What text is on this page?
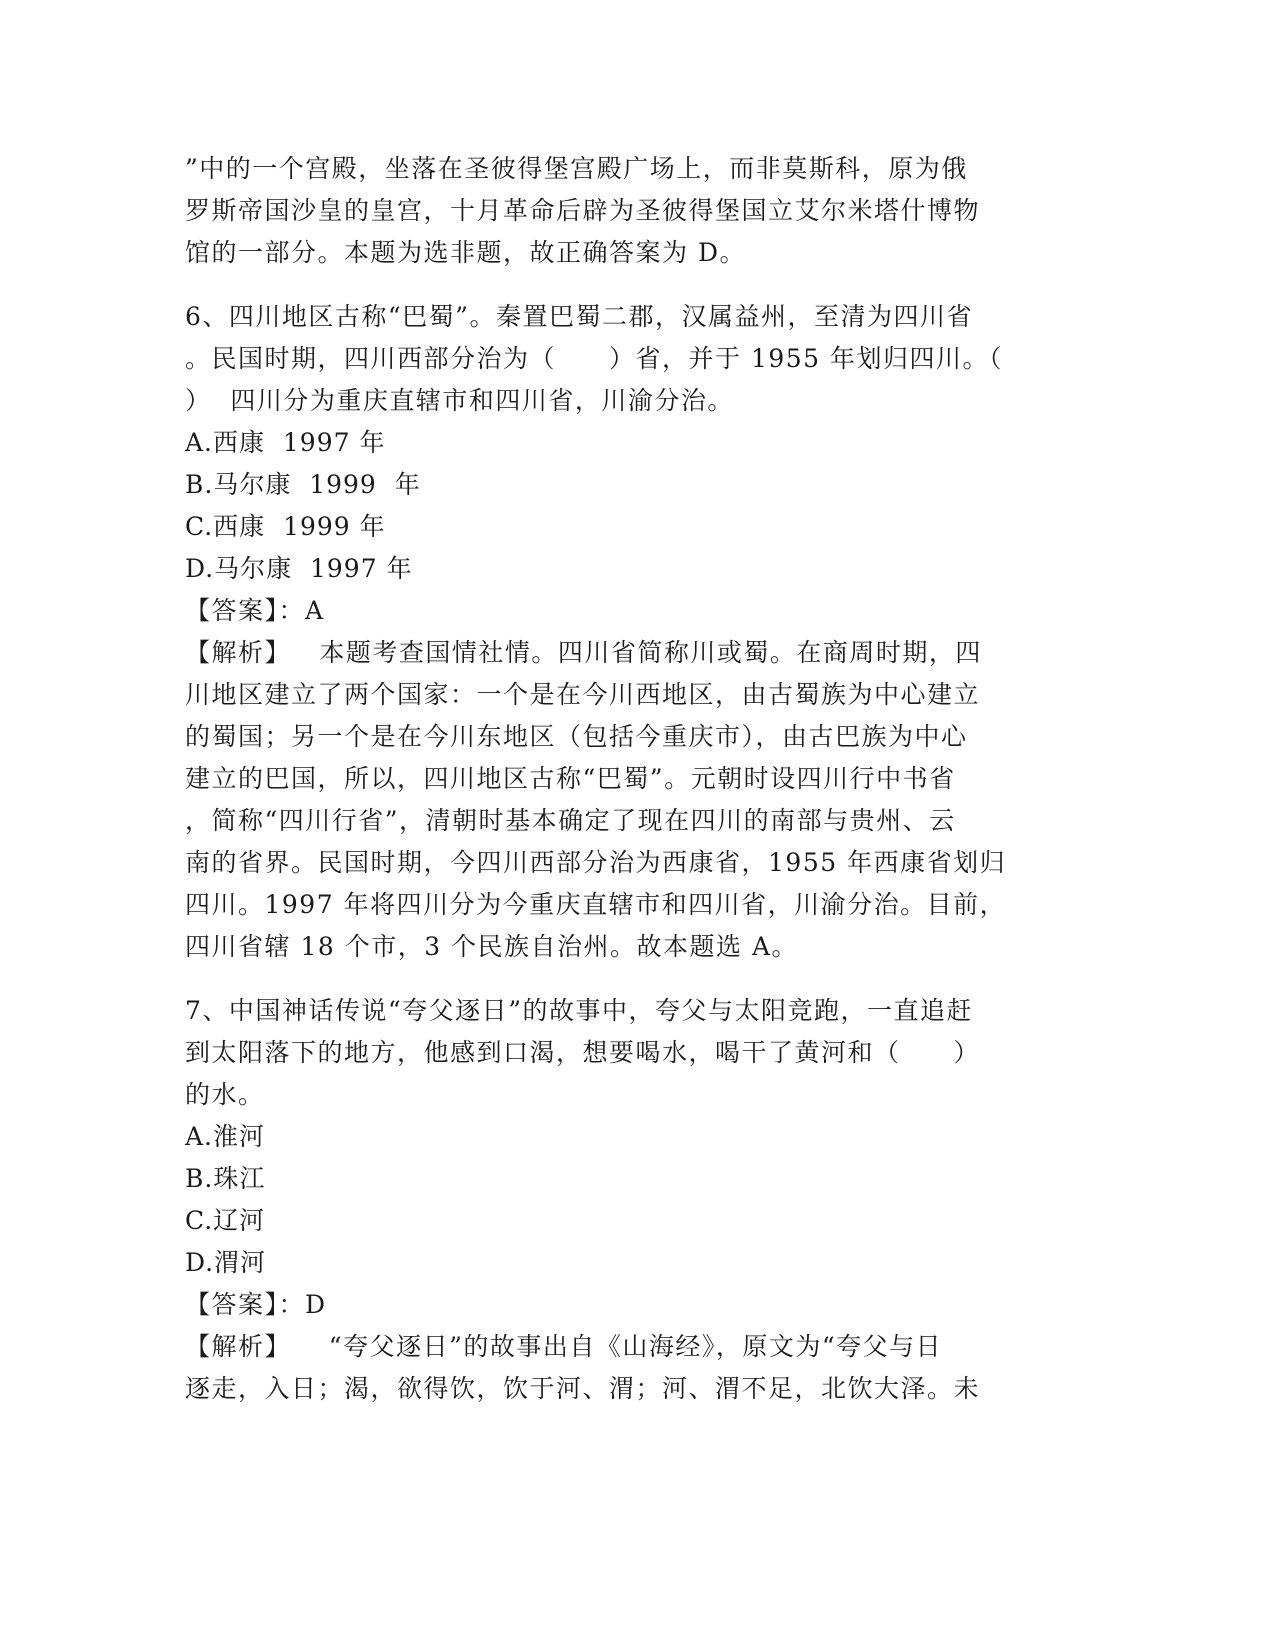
”中的一个宫殿，坐落在圣彼得堡宫殿广场上，而非莫斯科，原为俄
罗斯帝国沙皇的皇宫，十月革命后辟为圣彼得堡国立艾尔米塔什博物
馆的一部分。本题为选非题，故正确答案为 D。
6、四川地区古称“巴蜀”。秦置巴蜀二郡，汉属益州，至清为四川省
。民国时期，四川西部分治为（　　）省，并于 1955 年划归四川。（
）  四川分为重庆直辖市和四川省，川渝分治。
A.西康  1997 年
B.马尔康  1999  年
C.西康  1999 年
D.马尔康  1997 年
【答案】：A
【解析】   本题考查国情社情。四川省简称川或蜀。在商周时期，四
川地区建立了两个国家：一个是在今川西地区，由古蜀族为中心建立
的蜀国；另一个是在今川东地区（包括今重庆市），由古巴族为中心
建立的巴国，所以，四川地区古称“巴蜀”。元朝时设四川行中书省
，简称“四川行省”，清朝时基本确定了现在四川的南部与贵州、云
南的省界。民国时期，今四川西部分治为西康省，1955 年西康省划归
四川。1997 年将四川分为今重庆直辖市和四川省，川渝分治。目前，
四川省辖 18 个市，3 个民族自治州。故本题选 A。
7、中国神话传说“夸父逐日”的故事中，夸父与太阳竞跑，一直追赶
到太阳落下的地方，他感到口渴，想要喝水，喝干了黄河和（　　）
的水。
A.淮河
B.珠江
C.辽河
D.渭河
【答案】：D
【解析】    “夸父逐日”的故事出自《山海经》，原文为“夸父与日
逐走，入日；渴，欲得饮，饮于河、渭；河、渭不足，北饮大泽。未
